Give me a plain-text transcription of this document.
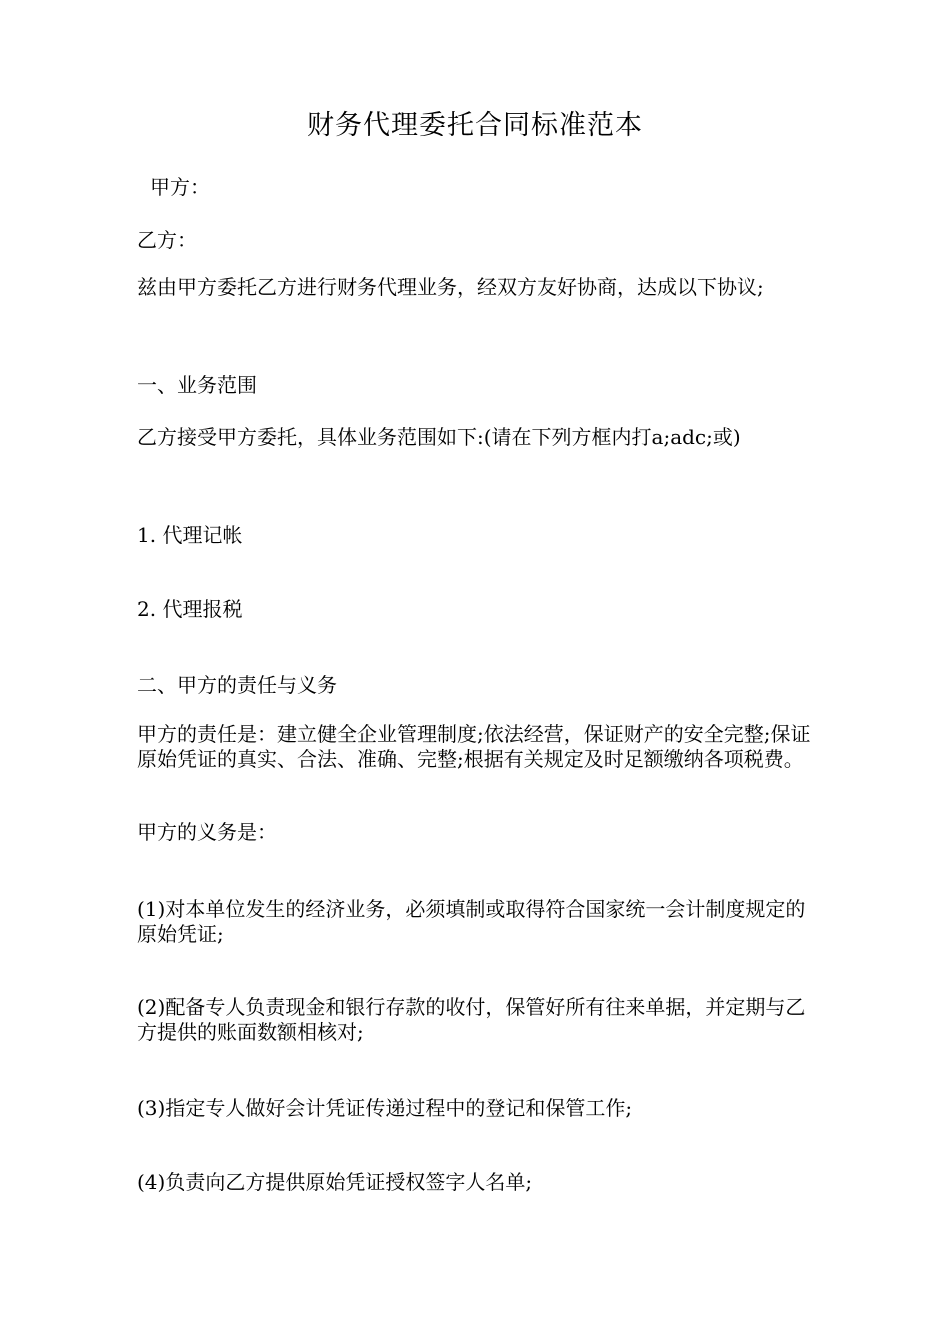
财务代理委托合同标准范本

甲方：

乙方：

兹由甲方委托乙方进行财务代理业务，经双方友好协商，达成以下协议;

一、业务范围

乙方接受甲方委托，具体业务范围如下:(请在下列方框内打a;adc;或)

1. 代理记帐

2. 代理报税

二、甲方的责任与义务

甲方的责任是：建立健全企业管理制度;依法经营，保证财产的安全完整;保证原始凭证的真实、合法、准确、完整;根据有关规定及时足额缴纳各项税费。

甲方的义务是：

(1)对本单位发生的经济业务，必须填制或取得符合国家统一会计制度规定的原始凭证;

(2)配备专人负责现金和银行存款的收付，保管好所有往来单据，并定期与乙方提供的账面数额相核对;

(3)指定专人做好会计凭证传递过程中的登记和保管工作;

(4)负责向乙方提供原始凭证授权签字人名单;
